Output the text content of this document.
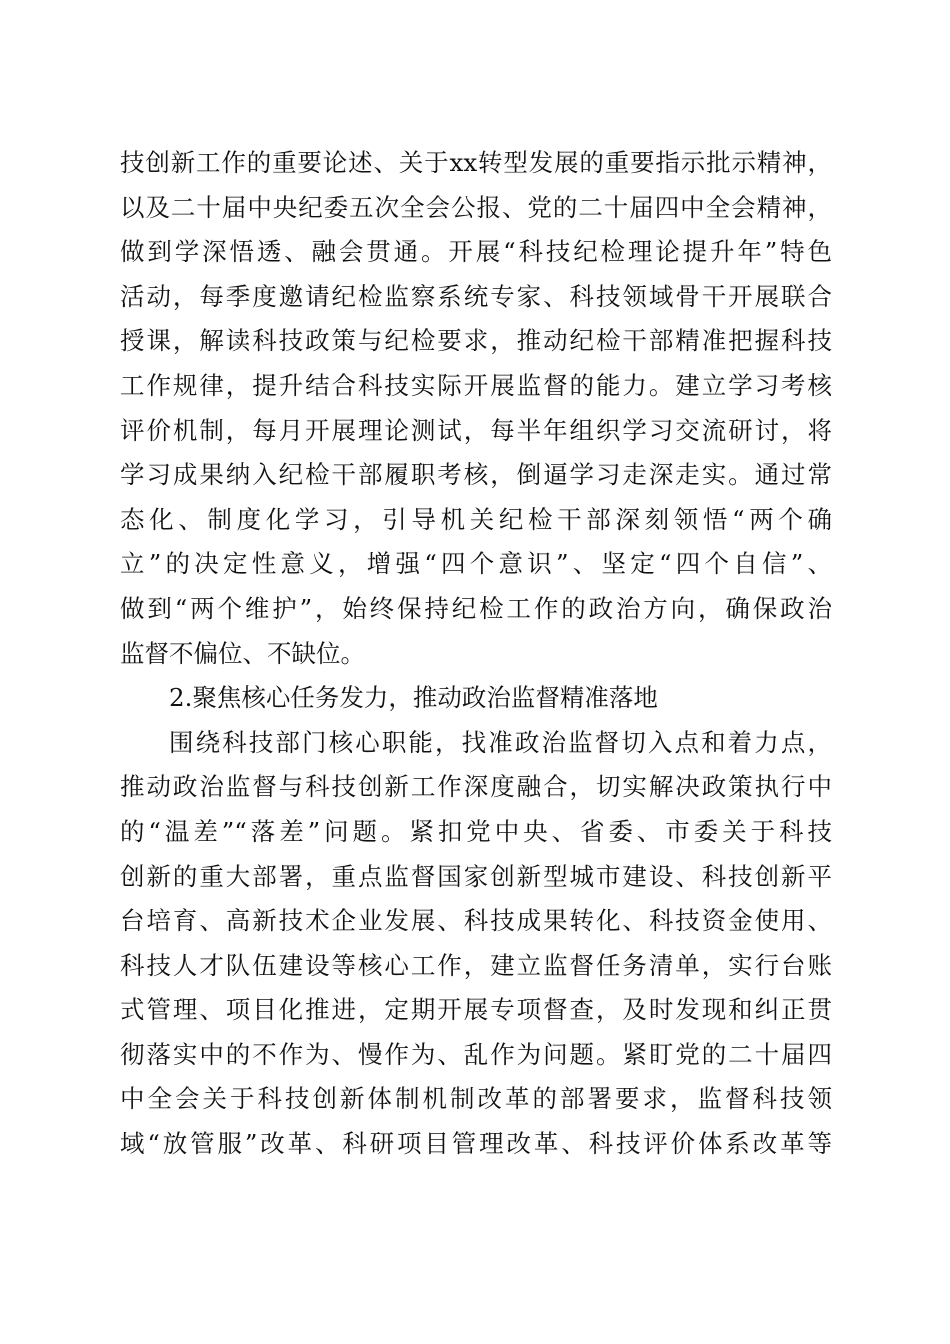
技创新工作的重要论述、关于xx转型发展的重要指示批示精神，
以及二十届中央纪委五次全会公报、党的二十届四中全会精神，
做到学深悟透、融会贯通。开展“科技纪检理论提升年”特色
活动，每季度邀请纪检监察系统专家、科技领域骨干开展联合
授课，解读科技政策与纪检要求，推动纪检干部精准把握科技
工作规律，提升结合科技实际开展监督的能力。建立学习考核
评价机制，每月开展理论测试，每半年组织学习交流研讨，将
学习成果纳入纪检干部履职考核，倒逼学习走深走实。通过常
态化、制度化学习，引导机关纪检干部深刻领悟“两个确
立”的决定性意义，增强“四个意识”、坚定“四个自信”、
做到“两个维护”，始终保持纪检工作的政治方向，确保政治
监督不偏位、不缺位。
2.聚焦核心任务发力，推动政治监督精准落地
围绕科技部门核心职能，找准政治监督切入点和着力点，
推动政治监督与科技创新工作深度融合，切实解决政策执行中
的“温差”“落差”问题。紧扣党中央、省委、市委关于科技
创新的重大部署，重点监督国家创新型城市建设、科技创新平
台培育、高新技术企业发展、科技成果转化、科技资金使用、
科技人才队伍建设等核心工作，建立监督任务清单，实行台账
式管理、项目化推进，定期开展专项督查，及时发现和纠正贯
彻落实中的不作为、慢作为、乱作为问题。紧盯党的二十届四
中全会关于科技创新体制机制改革的部署要求，监督科技领
域“放管服”改革、科研项目管理改革、科技评价体系改革等
